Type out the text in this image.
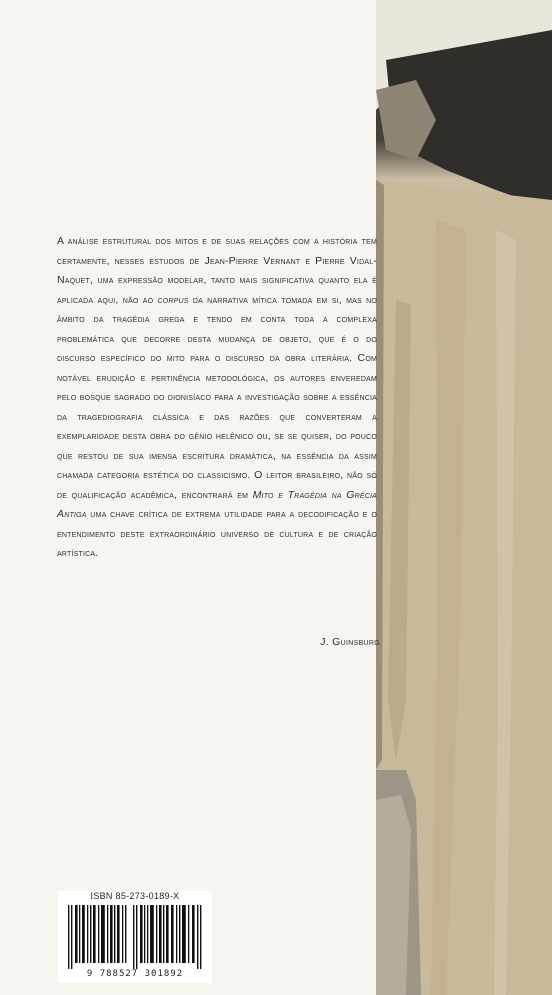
A análise estrutural dos mitos e de suas relações com a história tem certamente, nesses estudos de Jean-Pierre Vernant e Pierre Vidal-Naquet, uma expressão modelar, tanto mais significativa quanto ela é aplicada aqui, não ao corpus da narrativa mítica tomada em si, mas no âmbito da tragédia grega e tendo em conta toda a complexa problemática que decorre desta mudança de objeto, que é o do discurso específico do mito para o discurso da obra literária. Com notável erudição e pertinência metodológica, os autores enveredam pelo bosque sagrado do dionisíaco para a investigação sobre a essência da tragediografia clássica e das razões que converteram a exemplaridade desta obra do gênio helênico ou, se se quiser, do pouco que restou de sua imensa escritura dramática, na essência da assim chamada categoria estética do classicismo. O leitor brasileiro, não só de qualificação acadêmica, encontrará em Mito e Tragédia na Grécia Antiga uma chave crítica de extrema utilidade para a decodificação e o entendimento deste extraordinário universo de cultura e de criação artística.

J. Guinsburg
ISBN 85-273-0189-X
9 788527 301892
